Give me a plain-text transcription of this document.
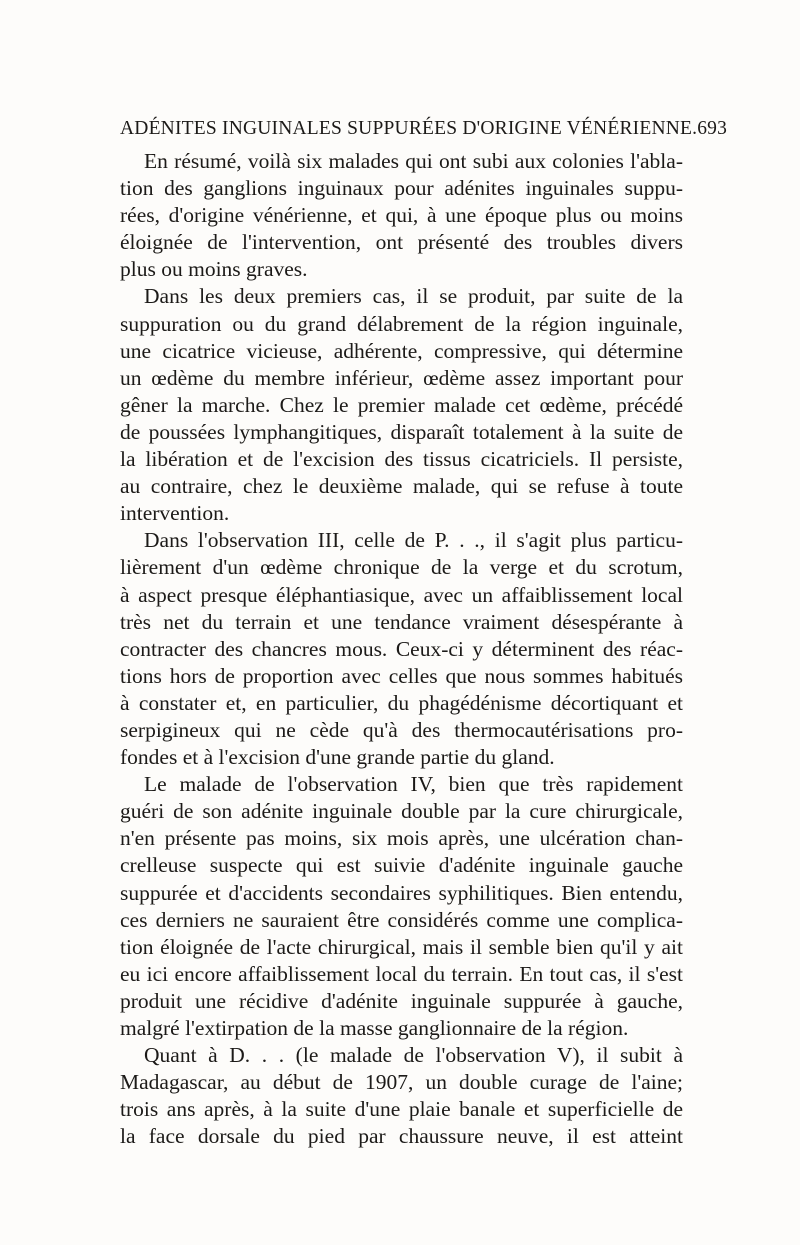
ADÉNITES INGUINALES SUPPURÉES D'ORIGINE VÉNÉRIENNE. 693
En résumé, voilà six malades qui ont subi aux colonies l'abla-
tion des ganglions inguinaux pour adénites inguinales suppu-
rées, d'origine vénérienne, et qui, à une époque plus ou moins
éloignée de l'intervention, ont présenté des troubles divers
plus ou moins graves.
Dans les deux premiers cas, il se produit, par suite de la
suppuration ou du grand délabrement de la région inguinale,
une cicatrice vicieuse, adhérente, compressive, qui détermine
un œdème du membre inférieur, œdème assez important pour
gêner la marche. Chez le premier malade cet œdème, précédé
de poussées lymphangitiques, disparaît totalement à la suite de
la libération et de l'excision des tissus cicatriciels. Il persiste,
au contraire, chez le deuxième malade, qui se refuse à toute
intervention.
Dans l'observation III, celle de P. . ., il s'agit plus particu-
lièrement d'un œdème chronique de la verge et du scrotum,
à aspect presque éléphantiasique, avec un affaiblissement local
très net du terrain et une tendance vraiment désespérante à
contracter des chancres mous. Ceux-ci y déterminent des réac-
tions hors de proportion avec celles que nous sommes habitués
à constater et, en particulier, du phagédénisme décortiquant et
serpigineux qui ne cède qu'à des thermocautérisations pro-
fondes et à l'excision d'une grande partie du gland.
Le malade de l'observation IV, bien que très rapidement
guéri de son adénite inguinale double par la cure chirurgicale,
n'en présente pas moins, six mois après, une ulcération chan-
crelleuse suspecte qui est suivie d'adénite inguinale gauche
suppurée et d'accidents secondaires syphilitiques. Bien entendu,
ces derniers ne sauraient être considérés comme une complica-
tion éloignée de l'acte chirurgical, mais il semble bien qu'il y ait
eu ici encore affaiblissement local du terrain. En tout cas, il s'est
produit une récidive d'adénite inguinale suppurée à gauche,
malgré l'extirpation de la masse ganglionnaire de la région.
Quant à D. . . (le malade de l'observation V), il subit à
Madagascar, au début de 1907, un double curage de l'aine;
trois ans après, à la suite d'une plaie banale et superficielle de
la face dorsale du pied par chaussure neuve, il est atteint
